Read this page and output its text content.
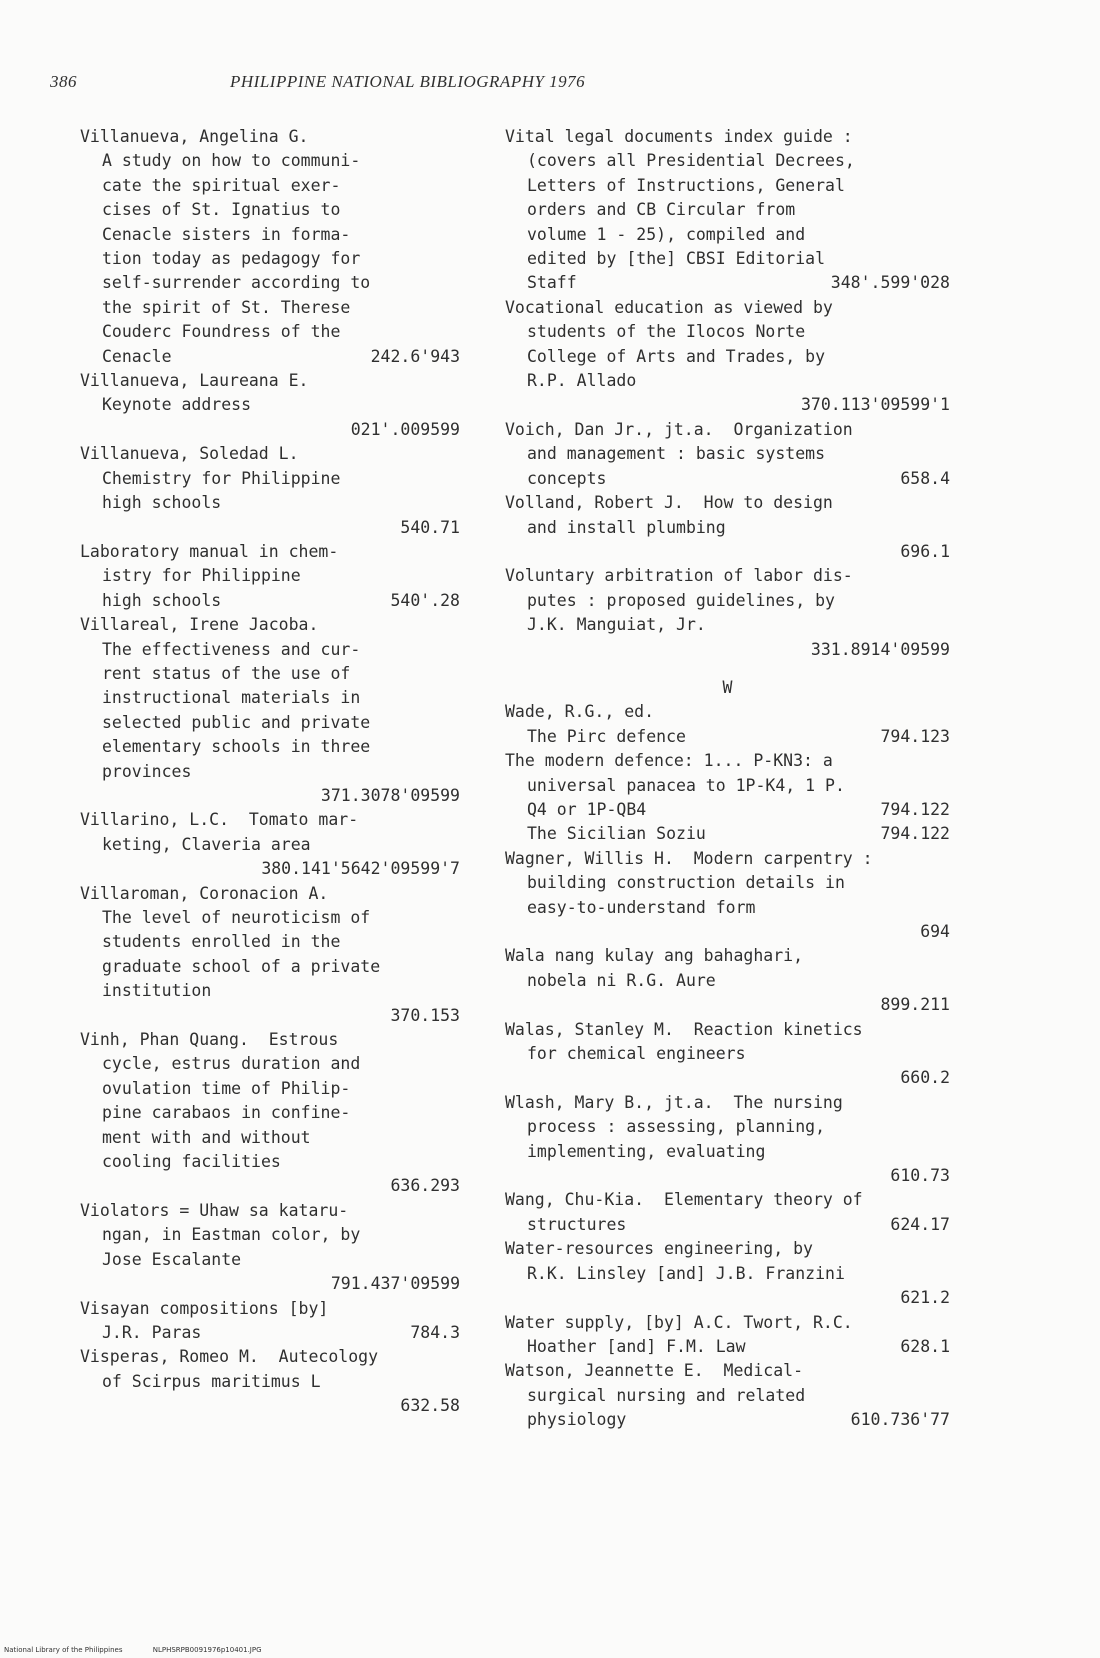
386	PHILIPPINE NATIONAL BIBLIOGRAPHY 1976
Villanueva, Angelina G.
A study on how to communi-
cate the spiritual exer-
cises of St. Ignatius to
Cenacle sisters in forma-
tion today as pedagogy for
self-surrender according to
the spirit of St. Therese
Couderc Foundress of the
Cenacle	242.6'943
Villanueva, Laureana E.
Keynote address
021'.009599
Villanueva, Soledad L.
Chemistry for Philippine
high schools
540.71
Laboratory manual in chem-
istry for Philippine
high schools	540'.28
Villareal, Irene Jacoba.
The effectiveness and cur-
rent status of the use of
instructional materials in
selected public and private
elementary schools in three
provinces
371.3078'09599
Villarino, L.C.  Tomato mar-
keting, Claveria area
380.141'5642'09599'7
Villaroman, Coronacion A.
The level of neuroticism of
students enrolled in the
graduate school of a private
institution
370.153
Vinh, Phan Quang.  Estrous
cycle, estrus duration and
ovulation time of Philip-
pine carabaos in confine-
ment with and without
cooling facilities
636.293
Violators = Uhaw sa kataru-
ngan, in Eastman color, by
Jose Escalante
791.437'09599
Visayan compositions [by]
J.R. Paras	784.3
Visperas, Romeo M.  Autecology
of Scirpus maritimus L
632.58
Vital legal documents index guide :
(covers all Presidential Decrees,
Letters of Instructions, General
orders and CB Circular from
volume 1 - 25), compiled and
edited by [the] CBSI Editorial
Staff	348'.599'028
Vocational education as viewed by
students of the Ilocos Norte
College of Arts and Trades, by
R.P. Allado
370.113'09599'1
Voich, Dan Jr., jt.a.  Organization
and management : basic systems
concepts	658.4
Volland, Robert J.  How to design
and install plumbing
696.1
Voluntary arbitration of labor dis-
putes : proposed guidelines, by
J.K. Manguiat, Jr.
331.8914'09599
W
Wade, R.G., ed.
The Pirc defence	794.123
The modern defence: 1... P-KN3: a
universal panacea to 1P-K4, 1 P.
Q4 or 1P-QB4	794.122
The Sicilian Soziu	794.122
Wagner, Willis H.  Modern carpentry :
building construction details in
easy-to-understand form
694
Wala nang kulay ang bahaghari,
nobela ni R.G. Aure
899.211
Walas, Stanley M.  Reaction kinetics
for chemical engineers
660.2
Wlash, Mary B., jt.a.  The nursing
process : assessing, planning,
implementing, evaluating
610.73
Wang, Chu-Kia.  Elementary theory of
structures	624.17
Water-resources engineering, by
R.K. Linsley [and] J.B. Franzini
621.2
Water supply, [by] A.C. Twort, R.C.
Hoather [and] F.M. Law	628.1
Watson, Jeannette E.  Medical-
surgical nursing and related
physiology	610.736'77
National Library of the Philippines	NLPHSRPB0091976p10401.JPG
